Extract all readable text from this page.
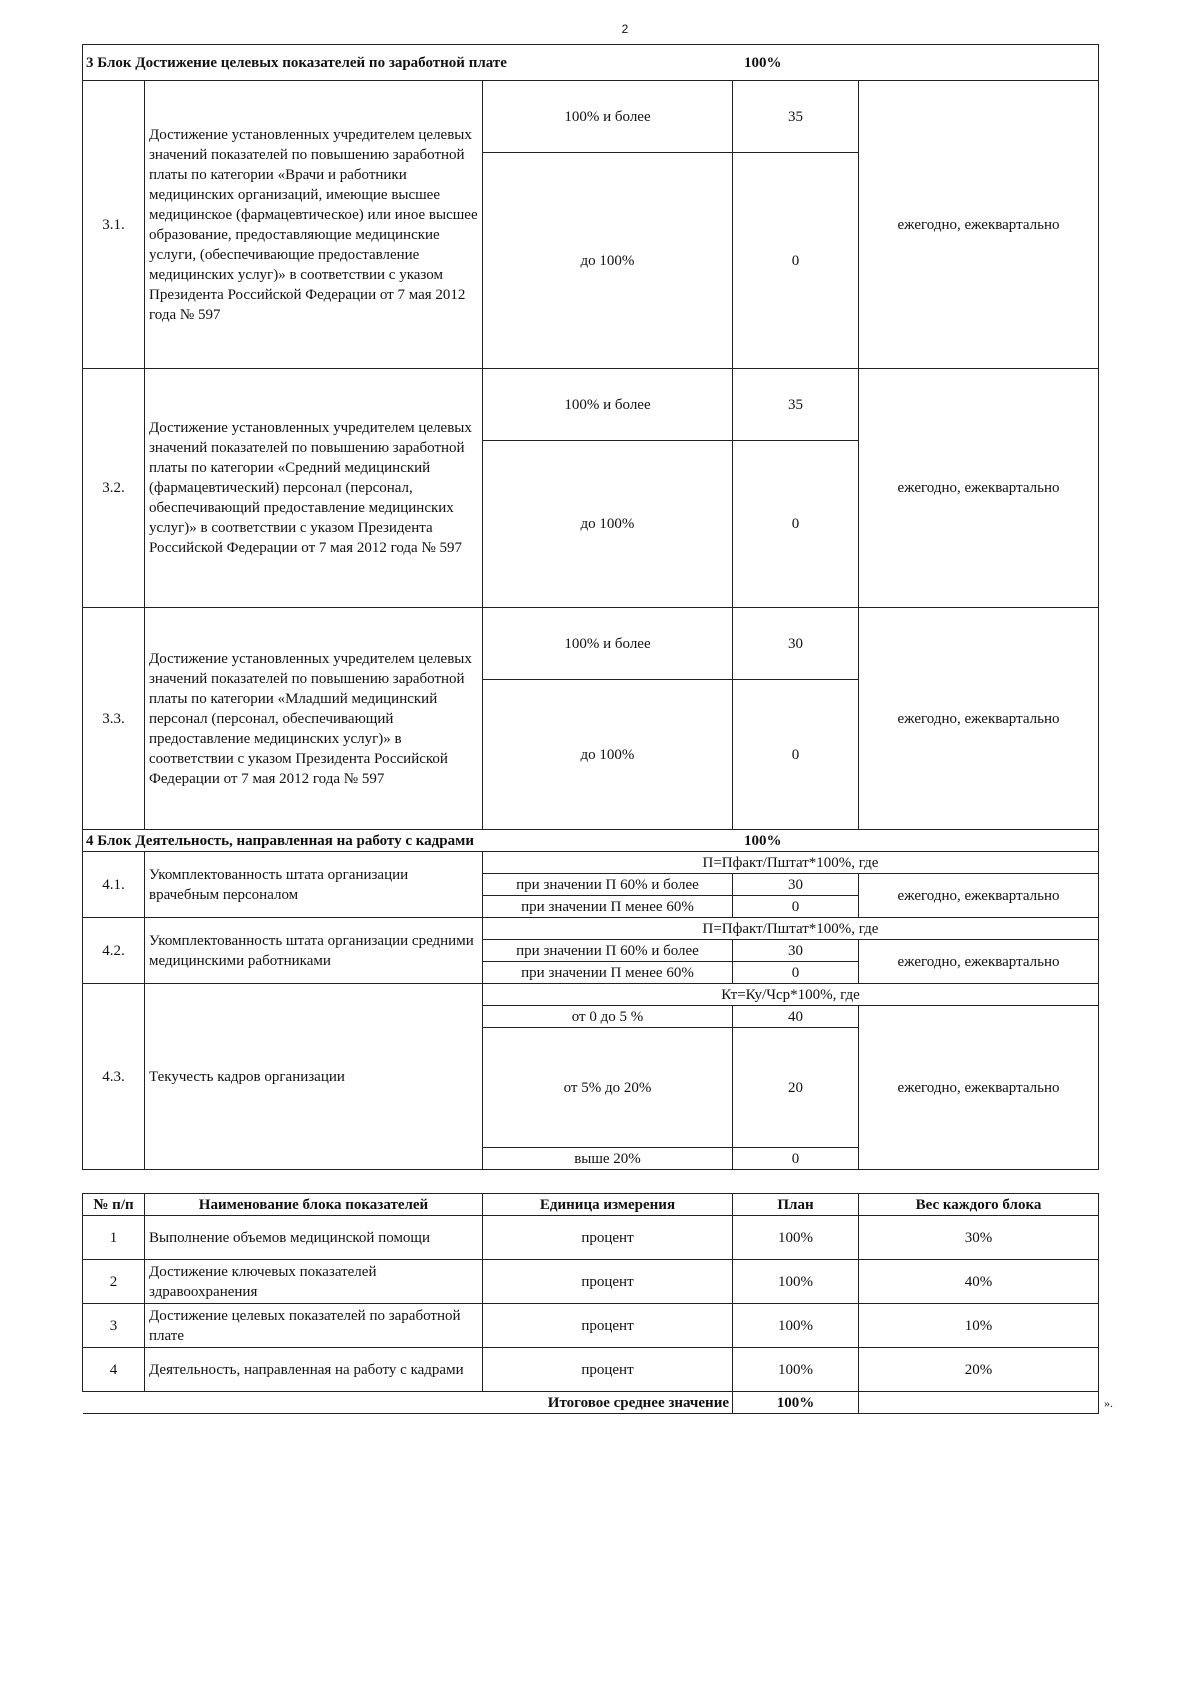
2
3 Блок Достижение целевых показателей по заработной плате 100%				
3.1.	Достижение установленных учредителем целевых значений показателей по повышению заработной платы по категории «Врачи и работники медицинских организаций, имеющие высшее медицинское (фармацевтическое) или иное высшее образование, предоставляющие медицинские услуги, (обеспечивающие предоставление медицинских услуг)» в соответствии с указом Президента Российской Федерации от 7 мая 2012 года № 597	100% и более	35	ежегодно, ежеквартально
		до 100%	0	
3.2.	Достижение установленных учредителем целевых значений показателей по повышению заработной платы по категории «Средний медицинский (фармацевтический) персонал (персонал, обеспечивающий предоставление медицинских услуг)» в соответствии с указом Президента Российской Федерации от 7 мая 2012 года № 597	100% и более	35	ежегодно, ежеквартально
		до 100%	0	
3.3.	Достижение установленных учредителем целевых значений показателей по повышению заработной платы по категории «Младший медицинский персонал (персонал, обеспечивающий предоставление медицинских услуг)» в соответствии с указом Президента Российской Федерации от 7 мая 2012 года № 597	100% и более	30	ежегодно, ежеквартально
		до 100%	0	
4 Блок Деятельность, направленная на работу с кадрами 100%				
4.1.	Укомплектованность штата организации врачебным персоналом	П=Пфакт/Пштат*100%, где		
		при значении П 60% и более	30	ежегодно, ежеквартально
		при значении П менее 60%	0	
4.2.	Укомплектованность штата организации средними медицинскими работниками	П=Пфакт/Пштат*100%, где		
		при значении П 60% и более	30	ежегодно, ежеквартально
		при значении П менее 60%	0	
4.3.	Текучесть кадров организации	Кт=Ку/Чср*100%, где		
		от 0 до 5 %	40	ежегодно, ежеквартально
		от 5% до 20%	20	
		выше 20%	0	
№ п/п	Наименование блока показателей	Единица измерения	План	Вес каждого блока
1	Выполнение объемов медицинской помощи	процент	100%	30%
2	Достижение ключевых показателей здравоохранения	процент	100%	40%
3	Достижение целевых показателей по заработной плате	процент	100%	10%
4	Деятельность, направленная на работу с кадрами	процент	100%	20%
Итоговое среднее значение			100%		».
